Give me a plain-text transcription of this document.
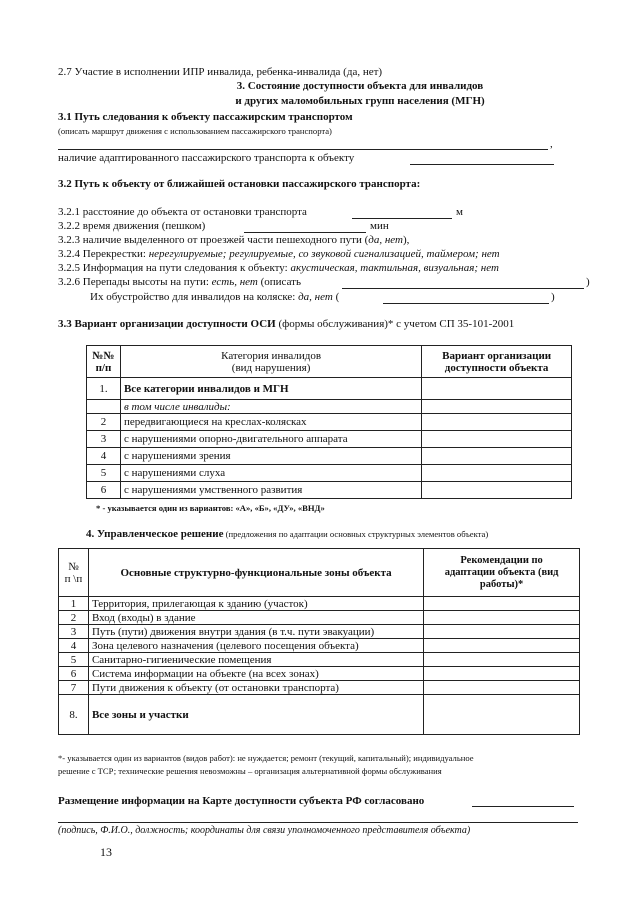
2.7 Участие в исполнении ИПР инвалида, ребенка-инвалида (да, нет)
3. Состояние доступности объекта для инвалидов
и других маломобильных групп населения (МГН)
3.1 Путь следования к объекту пассажирским транспортом
(описать маршрут движения с использованием пассажирского транспорта)
,
наличие адаптированного пассажирского транспорта к объекту
3.2 Путь к объекту от ближайшей остановки пассажирского транспорта:
3.2.1 расстояние до объекта от остановки транспорта	м
3.2.2 время движения (пешком)	мин
3.2.3 наличие выделенного от проезжей части пешеходного пути (да, нет),
3.2.4 Перекрестки: нерегулируемые; регулируемые, со звуковой сигнализацией, таймером; нет
3.2.5 Информация на пути следования к объекту: акустическая, тактильная, визуальная; нет
3.2.6 Перепады высоты на пути: есть, нет (описать	)
Их обустройство для инвалидов на коляске: да, нет (	)
3.3 Вариант организации доступности ОСИ (формы обслуживания)* с учетом СП 35-101-2001
№№
п/п	Категория инвалидов
(вид нарушения)	Вариант организации
доступности объекта
1.	Все категории инвалидов и МГН	
	в том числе инвалиды:	
2	передвигающиеся на креслах-колясках	
3	с нарушениями опорно-двигательного аппарата	
4	с нарушениями зрения	
5	с нарушениями слуха	
6	с нарушениями умственного развития	
* - указывается один из вариантов: «А», «Б», «ДУ», «ВНД»
4. Управленческое решение (предложения по адаптации основных структурных элементов объекта)
№
п \п	Основные структурно-функциональные зоны объекта	Рекомендации по
адаптации объекта (вид
работы)*
1	Территория, прилегающая к зданию (участок)	
2	Вход (входы) в здание	
3	Путь (пути) движения внутри здания (в т.ч. пути эвакуации)	
4	Зона целевого назначения (целевого посещения объекта)	
5	Санитарно-гигиенические помещения	
6	Система информации на объекте (на всех зонах)	
7	Пути движения к объекту (от остановки транспорта)	
8.	Все зоны и участки	
*- указывается один из вариантов (видов работ): не нуждается; ремонт (текущий, капитальный); индивидуальное
решение с ТСР; технические решения невозможны – организация альтернативной формы обслуживания
Размещение информации на Карте доступности субъекта РФ согласовано
(подпись, Ф.И.О., должность; координаты для связи уполномоченного представителя объекта)
13
